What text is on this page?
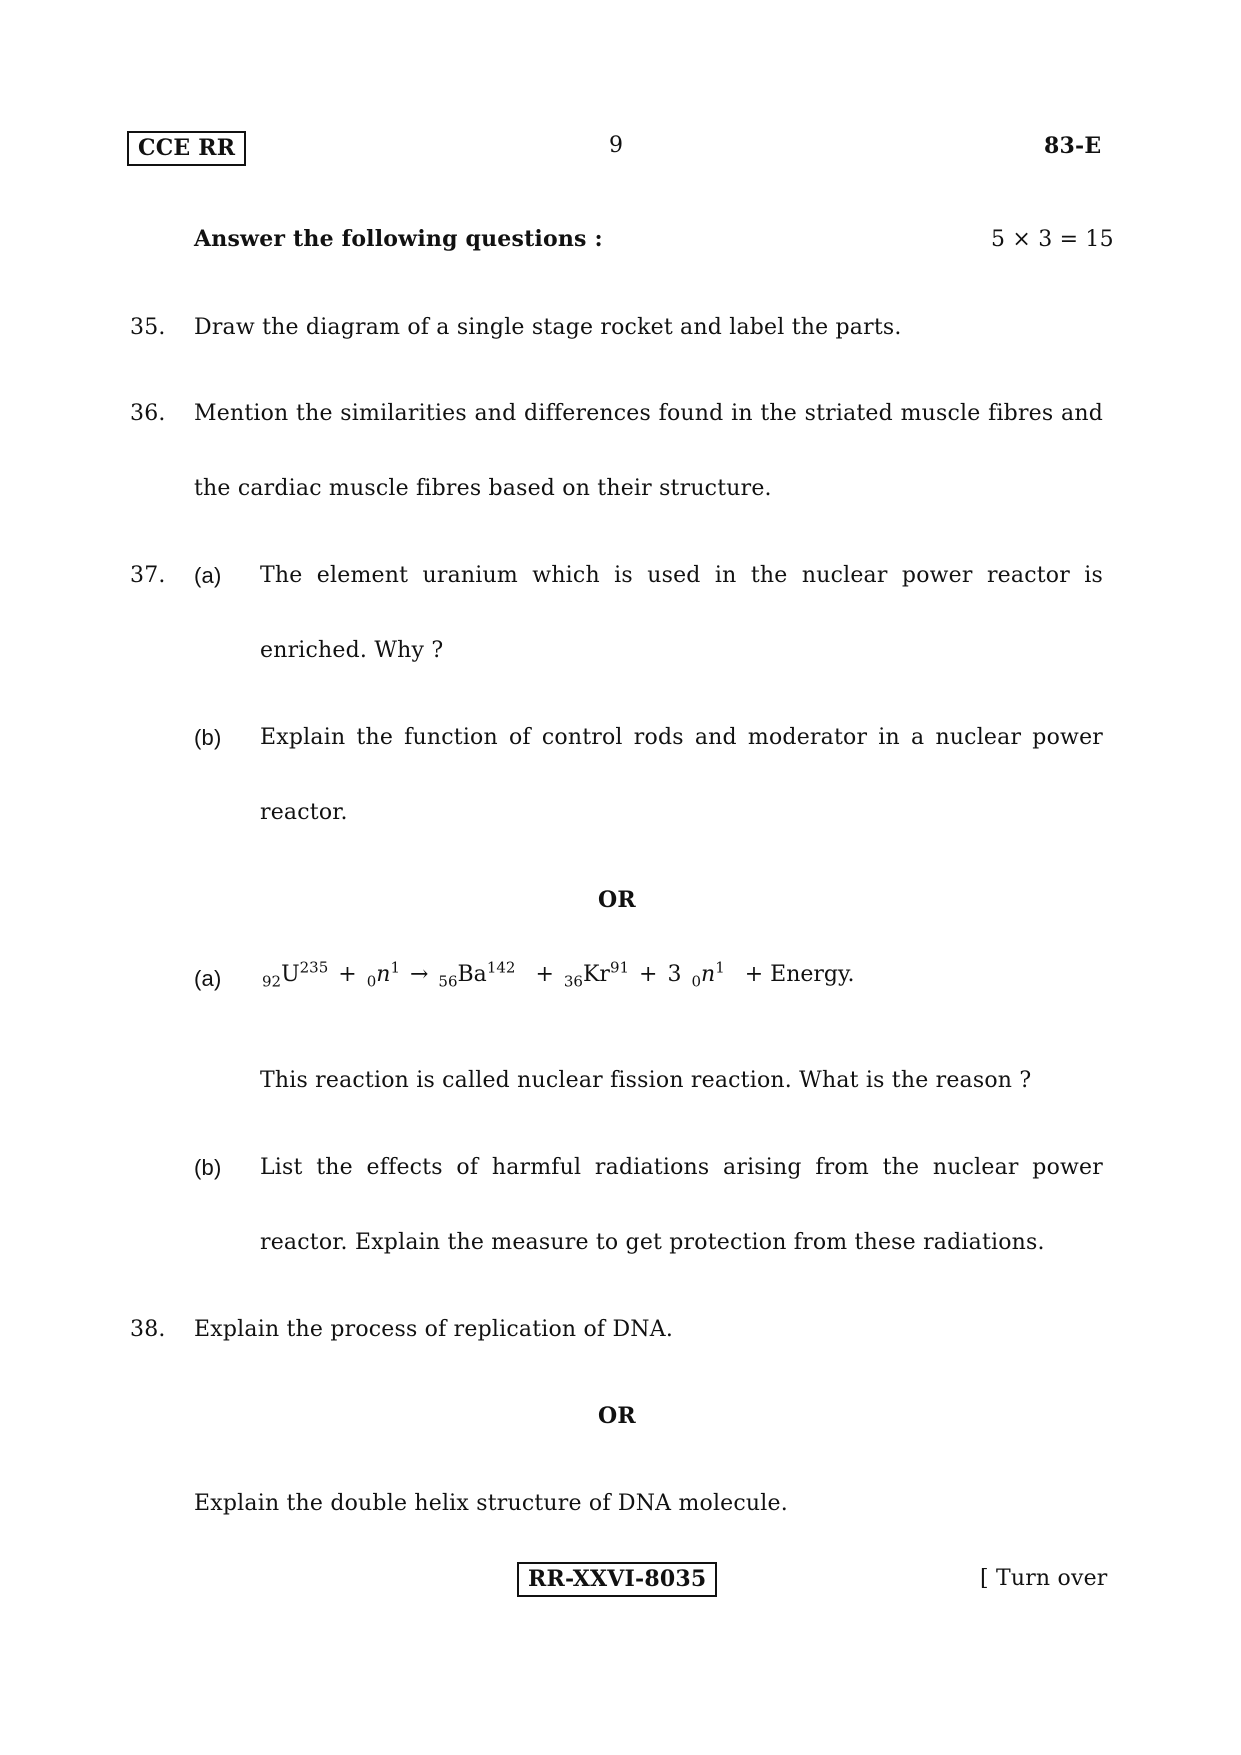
CCE RR	9	83-E
Answer the following questions :	5 × 3 = 15
35. Draw the diagram of a single stage rocket and label the parts.
36. Mention the similarities and differences found in the striated muscle fibres and
the cardiac muscle fibres based on their structure.
37. (a) The element uranium which is used in the nuclear power reactor is
enriched. Why ?
(b) Explain the function of control rods and moderator in a nuclear power
reactor.
OR
(a)	$_{92}U^{235} + _0n^1 \to _{56}Ba^{142} + _{36}Kr^{91} + 3$ $_0n^1$ + Energy.
This reaction is called nuclear fission reaction. What is the reason ?
(b) List the effects of harmful radiations arising from the nuclear power
reactor. Explain the measure to get protection from these radiations.
38. Explain the process of replication of DNA.
OR
Explain the double helix structure of DNA molecule.
RR-XXVI-8035	[ Turn over
